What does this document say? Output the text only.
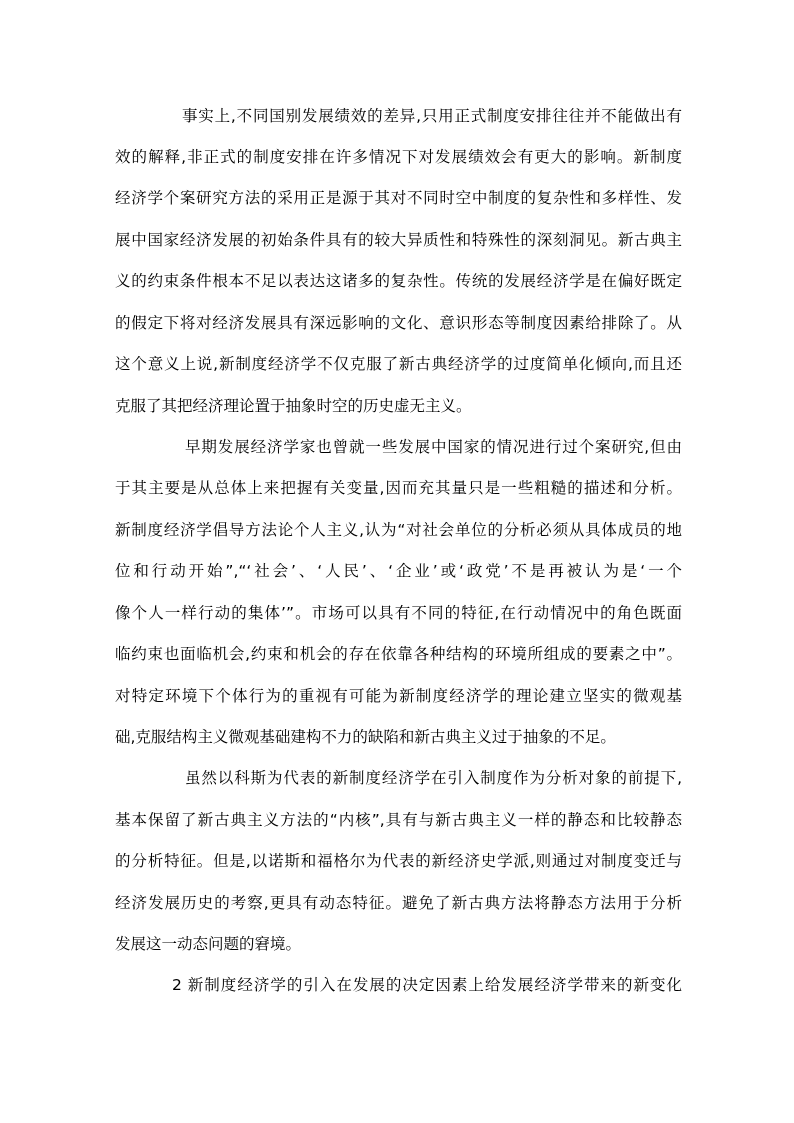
事实上,不同国别发展绩效的差异,只用正式制度安排往往并不能做出有
效的解释,非正式的制度安排在许多情况下对发展绩效会有更大的影响。新制度
经济学个案研究方法的采用正是源于其对不同时空中制度的复杂性和多样性、发
展中国家经济发展的初始条件具有的较大异质性和特殊性的深刻洞见。新古典主
义的约束条件根本不足以表达这诸多的复杂性。传统的发展经济学是在偏好既定
的假定下将对经济发展具有深远影响的文化、意识形态等制度因素给排除了。从
这个意义上说,新制度经济学不仅克服了新古典经济学的过度简单化倾向,而且还
克服了其把经济理论置于抽象时空的历史虚无主义。
早期发展经济学家也曾就一些发展中国家的情况进行过个案研究,但由
于其主要是从总体上来把握有关变量,因而充其量只是一些粗糙的描述和分析。
新制度经济学倡导方法论个人主义,认为“对社会单位的分析必须从具体成员的地
位和行动开始”,“‘社会’、‘人民’、‘企业’或‘政党’不是再被认为是‘一个
像个人一样行动的集体’”。市场可以具有不同的特征,在行动情况中的角色既面
临约束也面临机会,约束和机会的存在依靠各种结构的环境所组成的要素之中”。
对特定环境下个体行为的重视有可能为新制度经济学的理论建立坚实的微观基
础,克服结构主义微观基础建构不力的缺陷和新古典主义过于抽象的不足。
虽然以科斯为代表的新制度经济学在引入制度作为分析对象的前提下,
基本保留了新古典主义方法的“内核”,具有与新古典主义一样的静态和比较静态
的分析特征。但是,以诺斯和福格尔为代表的新经济史学派,则通过对制度变迁与
经济发展历史的考察,更具有动态特征。避免了新古典方法将静态方法用于分析
发展这一动态问题的窘境。
2 新制度经济学的引入在发展的决定因素上给发展经济学带来的新变化
